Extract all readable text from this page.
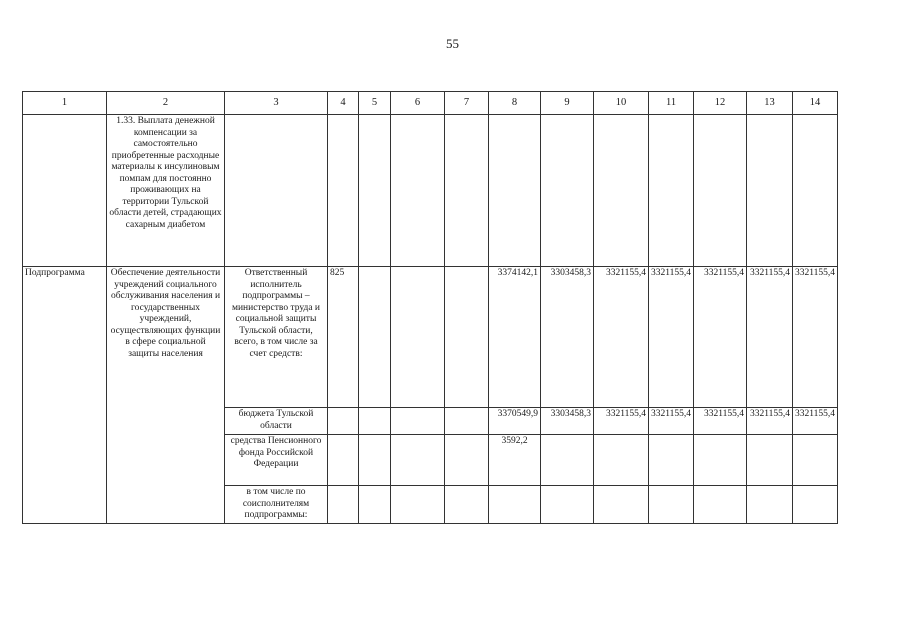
55
1	2	3	4	5	6	7	8	9	10	11	12	13	14
	1.33. Выплата денежной компенсации за самостоятельно приобретенные расходные материалы к инсулиновым помпам для постоянно проживающих на территории Тульской области детей, страдающих сахарным диабетом												
Подпрограмма	Обеспечение деятельности учреждений социального обслуживания населения и государственных учреждений, осуществляющих функции в сфере социальной защиты населения	Ответственный исполнитель подпрограммы – министерство труда и социальной защиты Тульской области, всего, в том числе за счет средств:	825				3374142,1	3303458,3	3321155,4	3321155,4	3321155,4	3321155,4	3321155,4
		бюджета Тульской области					3370549,9	3303458,3	3321155,4	3321155,4	3321155,4	3321155,4	3321155,4
		средства Пенсионного фонда Российской Федерации					3592,2						
		в том числе по соисполнителям подпрограммы:											
